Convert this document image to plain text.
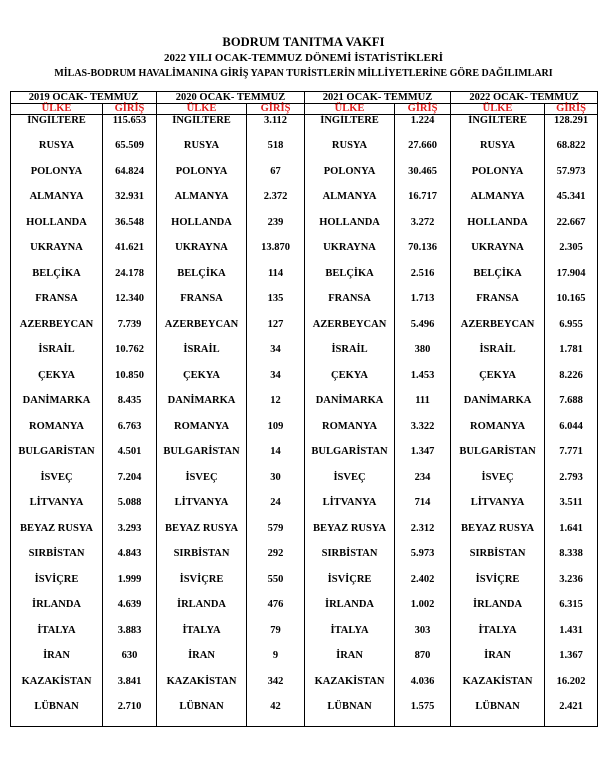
BODRUM TANITMA VAKFI
2022 YILI OCAK-TEMMUZ DÖNEMİ İSTATİSTİKLERİ
MİLAS-BODRUM HAVALİMANINA GİRİŞ YAPAN TURİSTLERİN MİLLİYETLERİNE GÖRE DAĞILIMLARI
2019 OCAK- TEMMUZ		2020 OCAK- TEMMUZ		2021 OCAK- TEMMUZ		2022 OCAK- TEMMUZ	
ÜLKE	GİRİŞ	ÜLKE	GİRİŞ	ÜLKE	GİRİŞ	ÜLKE	GİRİŞ
İNGİLTERE	115.653	İNGİLTERE	3.112	İNGİLTERE	1.224	İNGİLTERE	128.291
RUSYA	65.509	RUSYA	518	RUSYA	27.660	RUSYA	68.822
POLONYA	64.824	POLONYA	67	POLONYA	30.465	POLONYA	57.973
ALMANYA	32.931	ALMANYA	2.372	ALMANYA	16.717	ALMANYA	45.341
HOLLANDA	36.548	HOLLANDA	239	HOLLANDA	3.272	HOLLANDA	22.667
UKRAYNA	41.621	UKRAYNA	13.870	UKRAYNA	70.136	UKRAYNA	2.305
BELÇİKA	24.178	BELÇİKA	114	BELÇİKA	2.516	BELÇİKA	17.904
FRANSA	12.340	FRANSA	135	FRANSA	1.713	FRANSA	10.165
AZERBEYCAN	7.739	AZERBEYCAN	127	AZERBEYCAN	5.496	AZERBEYCAN	6.955
İSRAİL	10.762	İSRAİL	34	İSRAİL	380	İSRAİL	1.781
ÇEKYA	10.850	ÇEKYA	34	ÇEKYA	1.453	ÇEKYA	8.226
DANİMARKA	8.435	DANİMARKA	12	DANİMARKA	111	DANİMARKA	7.688
ROMANYA	6.763	ROMANYA	109	ROMANYA	3.322	ROMANYA	6.044
BULGARİSTAN	4.501	BULGARİSTAN	14	BULGARİSTAN	1.347	BULGARİSTAN	7.771
İSVEÇ	7.204	İSVEÇ	30	İSVEÇ	234	İSVEÇ	2.793
LİTVANYA	5.088	LİTVANYA	24	LİTVANYA	714	LİTVANYA	3.511
BEYAZ RUSYA	3.293	BEYAZ RUSYA	579	BEYAZ RUSYA	2.312	BEYAZ RUSYA	1.641
SIRBİSTAN	4.843	SIRBİSTAN	292	SIRBİSTAN	5.973	SIRBİSTAN	8.338
İSVİÇRE	1.999	İSVİÇRE	550	İSVİÇRE	2.402	İSVİÇRE	3.236
İRLANDA	4.639	İRLANDA	476	İRLANDA	1.002	İRLANDA	6.315
İTALYA	3.883	İTALYA	79	İTALYA	303	İTALYA	1.431
İRAN	630	İRAN	9	İRAN	870	İRAN	1.367
KAZAKİSTAN	3.841	KAZAKİSTAN	342	KAZAKİSTAN	4.036	KAZAKİSTAN	16.202
LÜBNAN	2.710	LÜBNAN	42	LÜBNAN	1.575	LÜBNAN	2.421
